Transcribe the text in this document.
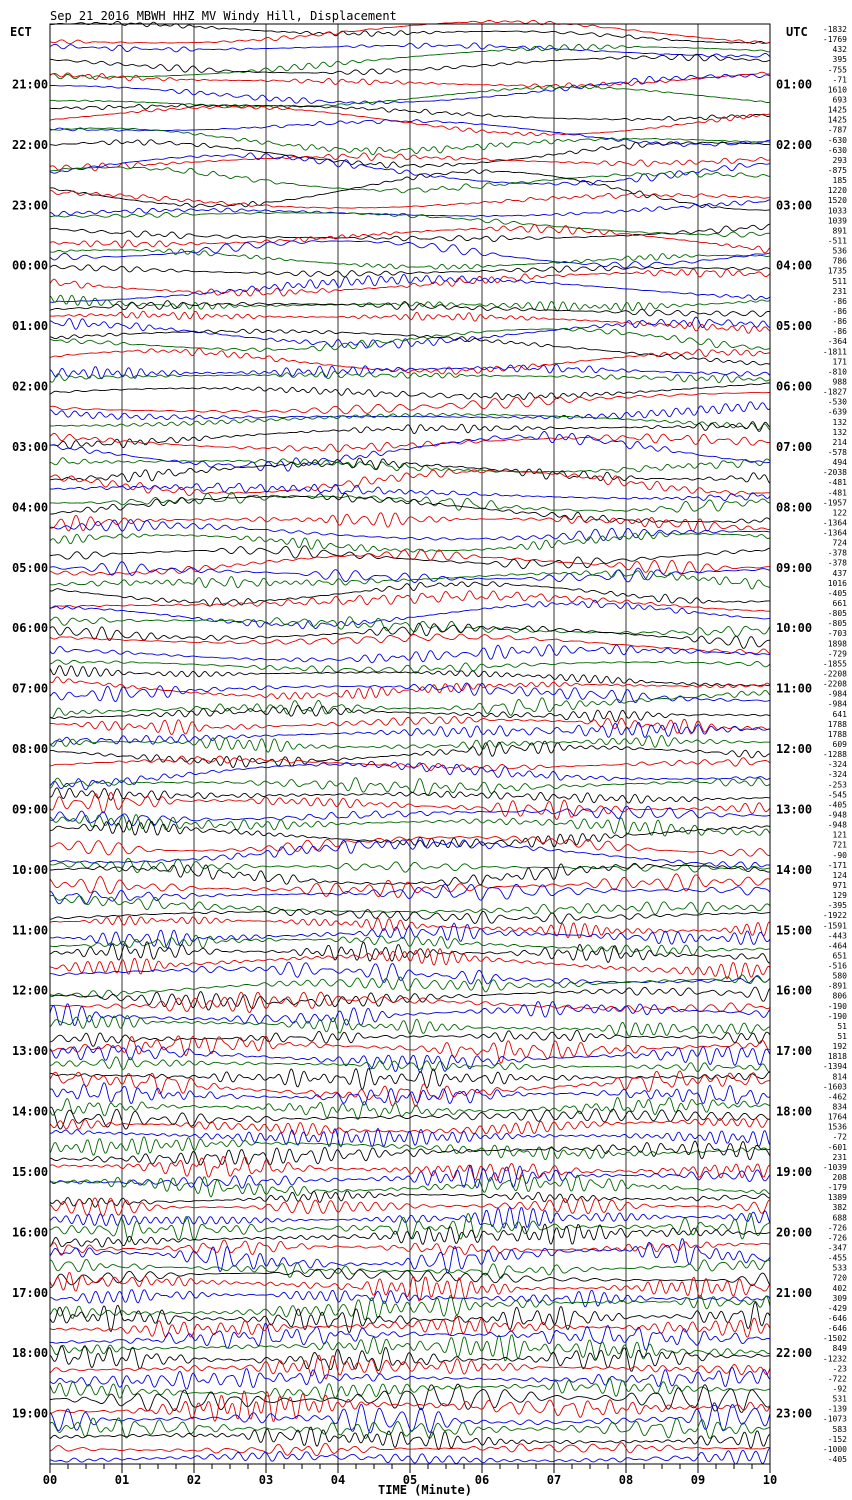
Sep 21 2016 MBWH HHZ MV Windy Hill, Displacement
ECT	UTC
00	01	02	03	04	05	06	07	08	09	10
21:00
22:00
23:00
00:00
01:00
02:00
03:00
04:00
05:00
06:00
07:00
08:00
09:00
10:00
11:00
12:00
13:00
14:00
15:00
16:00
17:00
18:00
19:00
01:00
02:00
03:00
04:00
05:00
06:00
07:00
08:00
09:00
10:00
11:00
12:00
13:00
14:00
15:00
16:00
17:00
18:00
19:00
20:00
21:00
22:00
23:00
-1832
-1769
432
395
-755
-71
1610
693
1425
1425
-787
-630
-630
293
-875
185
1220
1520
1033
1039
891
-511
536
786
1735
511
231
-86
-86
-86
-86
-364
-1811
171
-810
988
-1827
-530
-639
132
132
214
-578
494
-2038
-481
-481
-1957
122
-1364
-1364
724
-378
-378
437
1016
-405
661
-805
-805
-703
1898
-729
-1855
-2208
-2208
-984
-984
641
1788
1788
609
-1288
-324
-324
-253
-545
-405
-948
-948
121
721
-90
-171
124
971
129
-395
-1922
-1591
-443
-464
651
-516
580
-891
806
-190
-190
51
51
192
1818
-1394
814
-1603
-462
834
1764
1536
-72
-601
231
-1039
208
-179
1389
382
688
-726
-726
-347
-455
533
720
402
309
-429
-646
-646
-1502
849
-1232
-23
-722
-92
531
-139
-1073
583
-152
-1000
-405
TIME (Minute)
